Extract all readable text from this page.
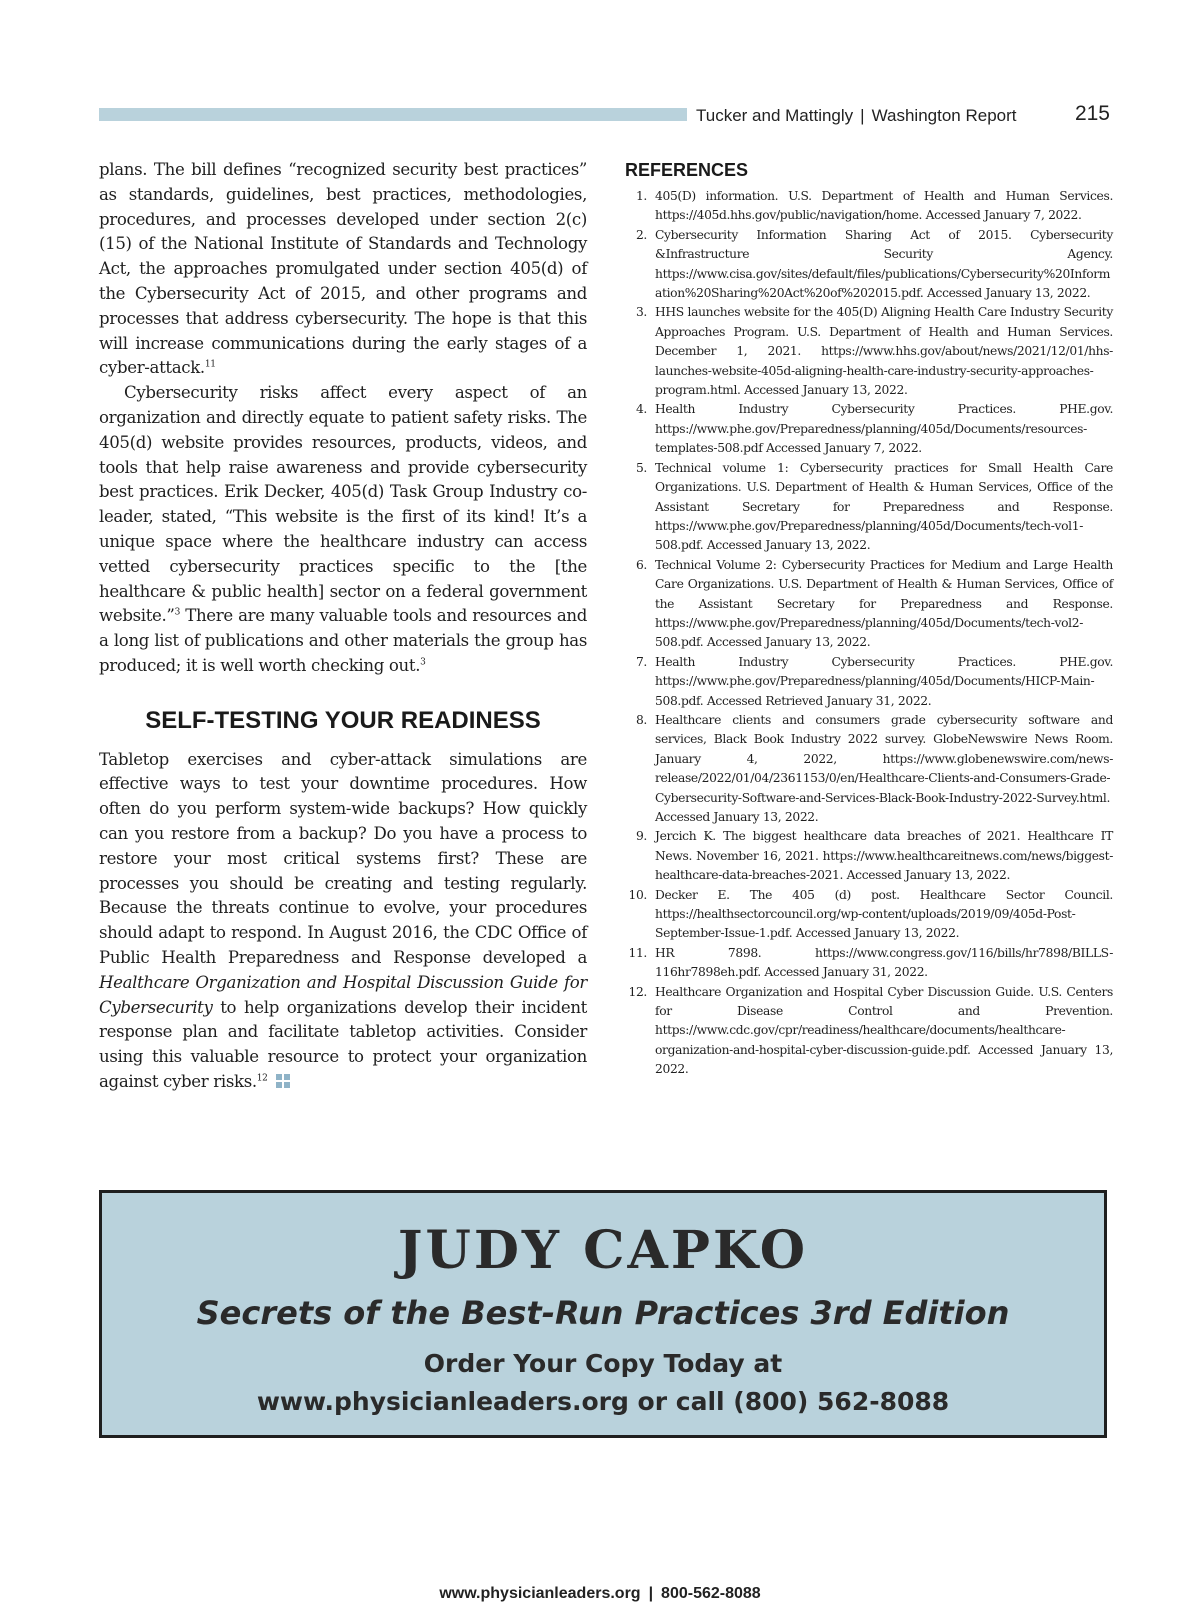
Tucker and Mattingly | Washington Report	215

plans. The bill defines “recognized security best practices” as standards, guidelines, best practices, methodologies, procedures, and processes developed under section 2(c) (15) of the National Institute of Standards and Technology Act, the approaches promulgated under section 405(d) of the Cybersecurity Act of 2015, and other programs and processes that address cybersecurity. The hope is that this will increase communications during the early stages of a cyber-attack.$^{11}$

Cybersecurity risks affect every aspect of an organization and directly equate to patient safety risks. The 405(d) website provides resources, products, videos, and tools that help raise awareness and provide cybersecurity best practices. Erik Decker, 405(d) Task Group Industry co-leader, stated, “This website is the first of its kind! It’s a unique space where the healthcare industry can access vetted cybersecurity practices specific to the [the healthcare & public health] sector on a federal government website.”$^3$ There are many valuable tools and resources and a long list of publications and other materials the group has produced; it is well worth checking out.$^3$

SELF-TESTING YOUR READINESS

Tabletop exercises and cyber-attack simulations are effective ways to test your downtime procedures. How often do you perform system-wide backups? How quickly can you restore from a backup? Do you have a process to restore your most critical systems first? These are processes you should be creating and testing regularly. Because the threats continue to evolve, your procedures should adapt to respond. In August 2016, the CDC Office of Public Health Preparedness and Response developed a Healthcare Organization and Hospital Discussion Guide for Cybersecurity to help organizations develop their incident response plan and facilitate tabletop activities. Consider using this valuable resource to protect your organization against cyber risks.$^{12}$

REFERENCES
1. 405(D) information. U.S. Department of Health and Human Services. https://405d.hhs.gov/public/navigation/home. Accessed January 7, 2022.
2. Cybersecurity Information Sharing Act of 2015. Cybersecurity &Infrastructure Security Agency. https://www.cisa.gov/sites/default/files/publications/Cybersecurity%20Information%20Sharing%20Act%20of%202015.pdf. Accessed January 13, 2022.
3. HHS launches website for the 405(D) Aligning Health Care Industry Security Approaches Program. U.S. Department of Health and Human Services. December 1, 2021. https://www.hhs.gov/about/news/2021/12/01/hhs-launches-website-405d-aligning-health-care-industry-security-approaches-program.html. Accessed January 13, 2022.
4. Health Industry Cybersecurity Practices. PHE.gov. https://www.phe.gov/Preparedness/planning/405d/Documents/resources-templates-508.pdf Accessed January 7, 2022.
5. Technical volume 1: Cybersecurity practices for Small Health Care Organizations. U.S. Department of Health & Human Services, Office of the Assistant Secretary for Preparedness and Response. https://www.phe.gov/Preparedness/planning/405d/Documents/tech-vol1-508.pdf. Accessed January 13, 2022.
6. Technical Volume 2: Cybersecurity Practices for Medium and Large Health Care Organizations. U.S. Department of Health & Human Services, Office of the Assistant Secretary for Preparedness and Response. https://www.phe.gov/Preparedness/planning/405d/Documents/tech-vol2-508.pdf. Accessed January 13, 2022.
7. Health Industry Cybersecurity Practices. PHE.gov. https://www.phe.gov/Preparedness/planning/405d/Documents/HICP-Main-508.pdf. Accessed Retrieved January 31, 2022.
8. Healthcare clients and consumers grade cybersecurity software and services, Black Book Industry 2022 survey. GlobeNewswire News Room. January 4, 2022, https://www.globenewswire.com/news-release/2022/01/04/2361153/0/en/Healthcare-Clients-and-Consumers-Grade-Cybersecurity-Software-and-Services-Black-Book-Industry-2022-Survey.html. Accessed January 13, 2022.
9. Jercich K. The biggest healthcare data breaches of 2021. Healthcare IT News. November 16, 2021. https://www.healthcareitnews.com/news/biggest-healthcare-data-breaches-2021. Accessed January 13, 2022.
10. Decker E. The 405 (d) post. Healthcare Sector Council. https://healthsectorcouncil.org/wp-content/uploads/2019/09/405d-Post-September-Issue-1.pdf. Accessed January 13, 2022.
11. HR 7898. https://www.congress.gov/116/bills/hr7898/BILLS-116hr7898eh.pdf. Accessed January 31, 2022.
12. Healthcare Organization and Hospital Cyber Discussion Guide. U.S. Centers for Disease Control and Prevention. https://www.cdc.gov/cpr/readiness/healthcare/documents/healthcare-organization-and-hospital-cyber-discussion-guide.pdf. Accessed January 13, 2022.
JUDY CAPKO
Secrets of the Best-Run Practices 3rd Edition
Order Your Copy Today at
www.physicianleaders.org or call (800) 562-8088
www.physicianleaders.org | 800-562-8088
